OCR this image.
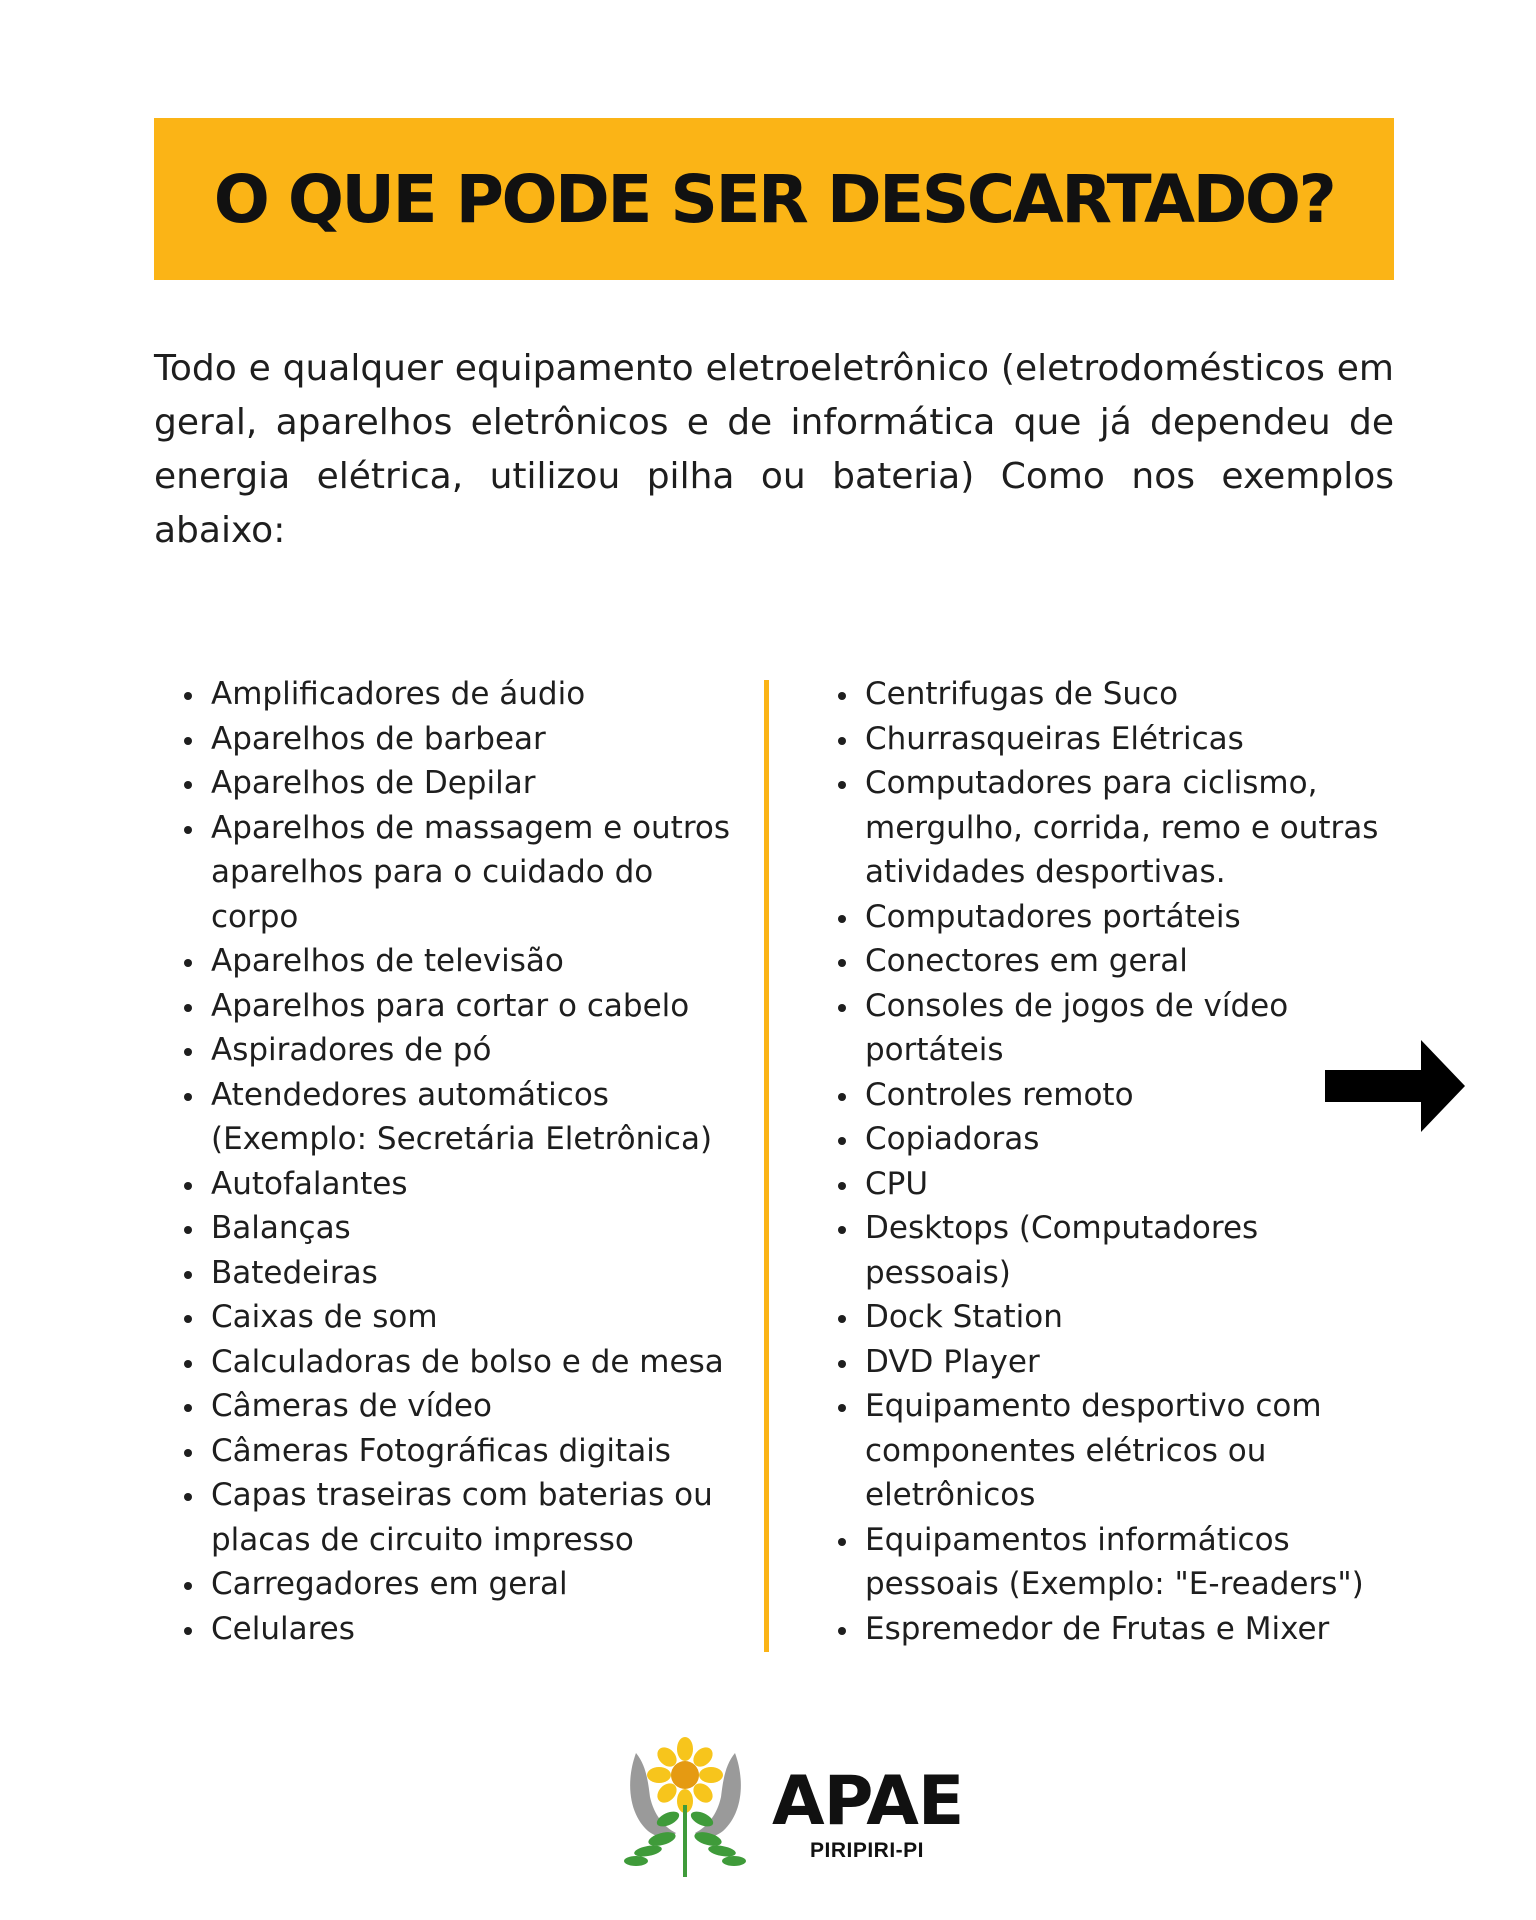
O QUE PODE SER DESCARTADO?

Todo e qualquer equipamento eletroeletrônico (eletrodomésticos em geral, aparelhos eletrônicos e de informática que já dependeu de energia elétrica, utilizou pilha ou bateria) Como nos exemplos abaixo:

Amplificadores de áudio
Aparelhos de barbear
Aparelhos de Depilar
Aparelhos de massagem e outros aparelhos para o cuidado do corpo
Aparelhos de televisão
Aparelhos para cortar o cabelo
Aspiradores de pó
Atendedores automáticos (Exemplo: Secretária Eletrônica)
Autofalantes
Balanças
Batedeiras
Caixas de som
Calculadoras de bolso e de mesa
Câmeras de vídeo
Câmeras Fotográficas digitais
Capas traseiras com baterias ou placas de circuito impresso
Carregadores em geral
Celulares
Centrifugas de Suco
Churrasqueiras Elétricas
Computadores para ciclismo, mergulho, corrida, remo e outras atividades desportivas.
Computadores portáteis
Conectores em geral
Consoles de jogos de vídeo portáteis
Controles remoto
Copiadoras
CPU
Desktops (Computadores pessoais)
Dock Station
DVD Player
Equipamento desportivo com componentes elétricos ou eletrônicos
Equipamentos informáticos pessoais (Exemplo: "E-readers")
Espremedor de Frutas e Mixer
APAE
PIRIPIRI-PI
